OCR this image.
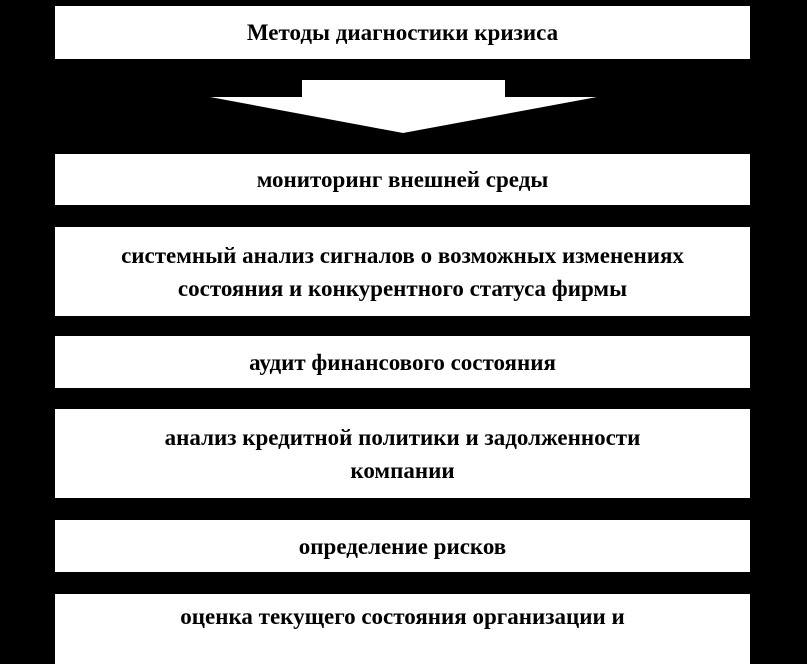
Методы диагностики кризиса
мониторинг внешней среды
системный анализ сигналов о возможных изменениях
состояния и конкурентного статуса фирмы
аудит финансового состояния
анализ кредитной политики и задолженности
компании
определение рисков
оценка текущего состояния организации и
